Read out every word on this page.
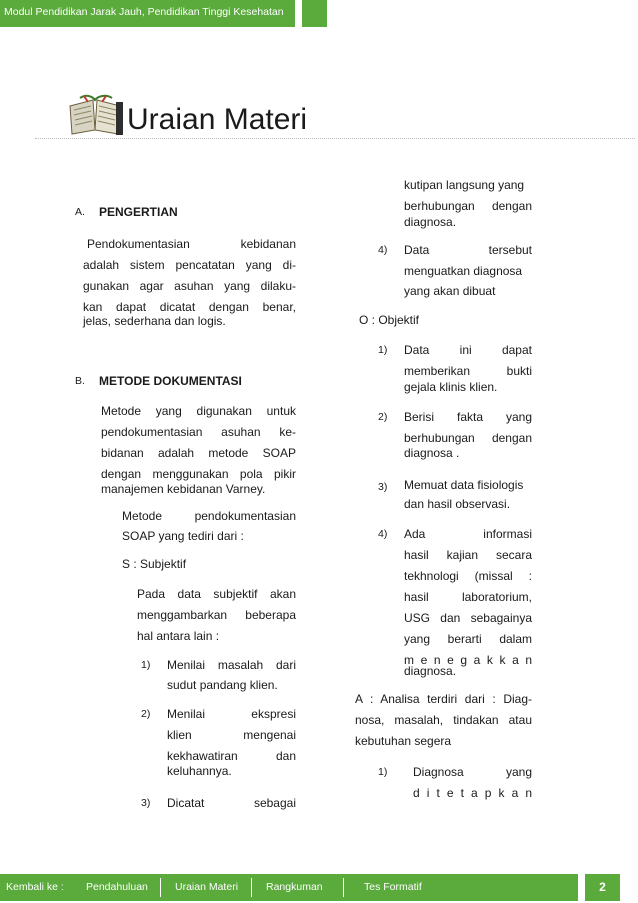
Modul Pendidikan Jarak Jauh, Pendidikan Tinggi Kesehatan
Uraian Materi
A. PENGERTIAN
Pendokumentasian kebidanan
adalah sistem pencatatan yang di-
gunakan agar asuhan yang dilaku-
kan dapat dicatat dengan benar,
jelas, sederhana dan logis.
B. METODE DOKUMENTASI
Metode yang digunakan untuk
pendokumentasian asuhan ke-
bidanan adalah metode SOAP
dengan menggunakan pola pikir
manajemen kebidanan Varney.
Metode pendokumentasian
SOAP yang tediri dari :
S : Subjektif
Pada data subjektif akan
menggambarkan beberapa
hal antara lain :
1) Menilai masalah dari
sudut pandang klien.
2) Menilai ekspresi
klien mengenai
kekhawatiran dan
keluhannya.
3) Dicatat sebagai
kutipan langsung yang
berhubungan dengan
diagnosa.
4) Data tersebut
menguatkan diagnosa
yang akan dibuat
O : Objektif
1) Data ini dapat
memberikan bukti
gejala klinis klien.
2) Berisi fakta yang
berhubungan dengan
diagnosa .
3) Memuat data fisiologis
dan hasil observasi.
4) Ada informasi
hasil kajian secara
tekhnologi (missal :
hasil laboratorium,
USG dan sebagainya
yang berarti dalam
m e n e g a k k a n
diagnosa.
A : Analisa terdiri dari : Diag-
nosa, masalah, tindakan atau
kebutuhan segera
1) Diagnosa yang
d i t e t a p k a n
Kembali ke : Pendahuluan	Uraian Materi	Rangkuman	Tes Formatif	2
